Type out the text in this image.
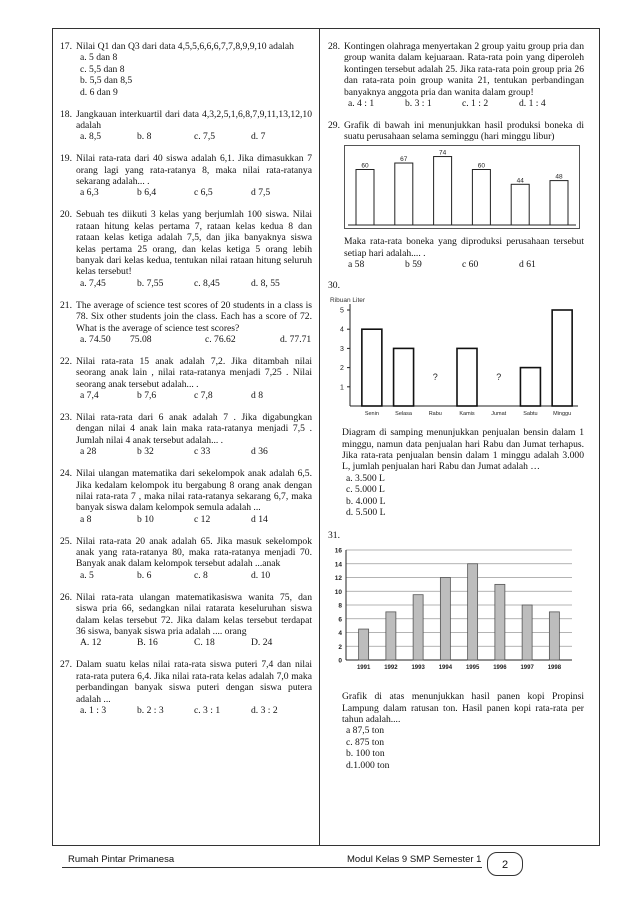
17. Nilai Q1 dan Q3 dari data 4,5,5,6,6,6,7,7,8,9,9,10 adalah
a. 5 dan 8
c. 5,5 dan 8
b. 5,5 dan 8,5
d. 6 dan 9
18. Jangkauan interkuartil dari data 4,3,2,5,1,6,8,7,9,11,13,12,10 adalah
a. 8,5	b. 8	c. 7,5	d. 7
19. Nilai rata-rata dari 40 siswa adalah 6,1. Jika dimasukkan 7 orang lagi yang rata-ratanya 8, maka nilai rata-ratanya sekarang adalah... .
a 6,3	b 6,4	c 6,5	d 7,5
20. Sebuah tes diikuti 3 kelas yang berjumlah 100 siswa. Nilai rataan hitung kelas pertama 7, rataan kelas kedua 8 dan rataan kelas ketiga adalah 7,5, dan jika banyaknya siswa kelas pertama 25 orang, dan kelas ketiga 5 orang lebih banyak dari kelas kedua, tentukan nilai rataan hitung seluruh kelas tersebut!
a. 7,45	b. 7,55	c. 8,45	d. 8, 55
21. The average of science test scores of 20 students in a class is 78. Six other students join the class. Each has a score of 72. What is the average of science test scores?
a. 74.50	75.08	c. 76.62	d. 77.71
22. Nilai rata-rata 15 anak adalah 7,2. Jika ditambah nilai seorang anak lain , nilai rata-ratanya menjadi 7,25 . Nilai seorang anak tersebut adalah... .
a 7,4	b 7,6	c 7,8	d 8
23. Nilai rata-rata dari 6 anak adalah 7 . Jika digabungkan dengan nilai 4 anak lain maka rata-ratanya menjadi 7,5 . Jumlah nilai 4 anak tersebut adalah... .
a 28	b 32	c 33	d 36
24. Nilai ulangan matematika dari sekelompok anak adalah 6,5. Jika kedalam kelompok itu bergabung 8 orang anak dengan nilai rata-rata 7 , maka nilai rata-ratanya sekarang 6,7, maka banyak siswa dalam kelompok semula adalah ...
a 8	b 10	c 12	d 14
25. Nilai rata-rata 20 anak adalah 65. Jika masuk sekelompok anak yang rata-ratanya 80, maka rata-ratanya menjadi 70. Banyak anak dalam kelompok tersebut adalah ...anak
a. 5	b. 6	c. 8	d. 10
26. Nilai rata-rata ulangan matematikasiswa wanita 75, dan siswa pria 66, sedangkan nilai ratarata keseluruhan siswa dalam kelas tersebut 72. Jika dalam kelas tersebut terdapat 36 siswa, banyak siswa pria adalah .... orang
A. 12	B. 16	C. 18	D. 24
27. Dalam suatu kelas nilai rata-rata siswa puteri 7,4 dan nilai rata-rata putera 6,4. Jika nilai rata-rata kelas adalah 7,0 maka perbandingan banyak siswa puteri dengan siswa putera adalah ...
a. 1 : 3	b. 2 : 3	c. 3 : 1	d. 3 : 2
28. Kontingen olahraga menyertakan 2 group yaitu group pria dan group wanita dalam kejuaraan. Rata-rata poin yang diperoleh kontingen tersebut adalah 25. Jika rata-rata poin group pria 26 dan rata-rata poin group wanita 21, tentukan perbandingan banyaknya anggota pria dan wanita dalam group!
a. 4 : 1	b. 3 : 1	c. 1 : 2	d. 1 : 4
29. Grafik di bawah ini menunjukkan hasil produksi boneka di suatu perusahaan selama seminggu (hari minggu libur)
60
67
74
60
44
48
Maka rata-rata boneka yang diproduksi perusahaan tersebut setiap hari adalah.... .
a 58	b 59	c 60	d 61
30.
Ribuan Liter
1
2
3
4
5
Senin	Selasa
?
Rabu	Kamis
?
Jumat	Sabtu	Minggu
Diagram di samping menunjukkan penjualan bensin dalam 1 minggu, namun data penjualan hari Rabu dan Jumat terhapus. Jika rata-rata penjualan bensin dalam 1 minggu adalah 3.000 L, jumlah penjualan hari Rabu dan Jumat adalah …
a. 3.500 L
c. 5.000 L
b. 4.000 L
d. 5.500 L
31.
0
2
4
6
8
10
12
14
16
1991 1992 1993 1994 1995 1996 1997 1998
Grafik di atas menunjukkan hasil panen kopi Propinsi Lampung dalam ratusan ton. Hasil panen kopi rata-rata per tahun adalah....
a 87,5 ton
c. 875 ton
b. 100 ton
d.1.000 ton
Rumah Pintar Primanesa	Modul Kelas 9 SMP Semester 1	2
